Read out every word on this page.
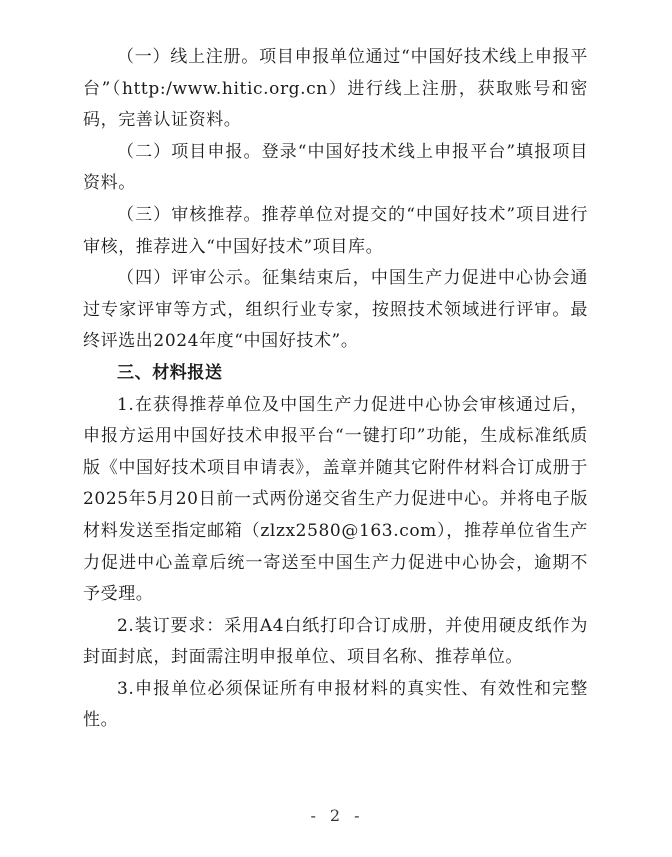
（一）线上注册。项目申报单位通过“中国好技术线上申报平台”（http:/www.hitic.org.cn）进行线上注册，获取账号和密码，完善认证资料。

（二）项目申报。登录“中国好技术线上申报平台”填报项目资料。

（三）审核推荐。推荐单位对提交的“中国好技术”项目进行审核，推荐进入“中国好技术”项目库。

（四）评审公示。征集结束后，中国生产力促进中心协会通过专家评审等方式，组织行业专家，按照技术领域进行评审。最终评选出2024年度“中国好技术”。

三、材料报送

1.在获得推荐单位及中国生产力促进中心协会审核通过后，申报方运用中国好技术申报平台“一键打印”功能，生成标准纸质版《中国好技术项目申请表》，盖章并随其它附件材料合订成册于2025年5月20日前一式两份递交省生产力促进中心。并将电子版材料发送至指定邮箱（zlzx2580@163.com），推荐单位省生产力促进中心盖章后统一寄送至中国生产力促进中心协会，逾期不予受理。

2.装订要求：采用A4白纸打印合订成册，并使用硬皮纸作为封面封底，封面需注明申报单位、项目名称、推荐单位。

3.申报单位必须保证所有申报材料的真实性、有效性和完整性。

- 2 -
